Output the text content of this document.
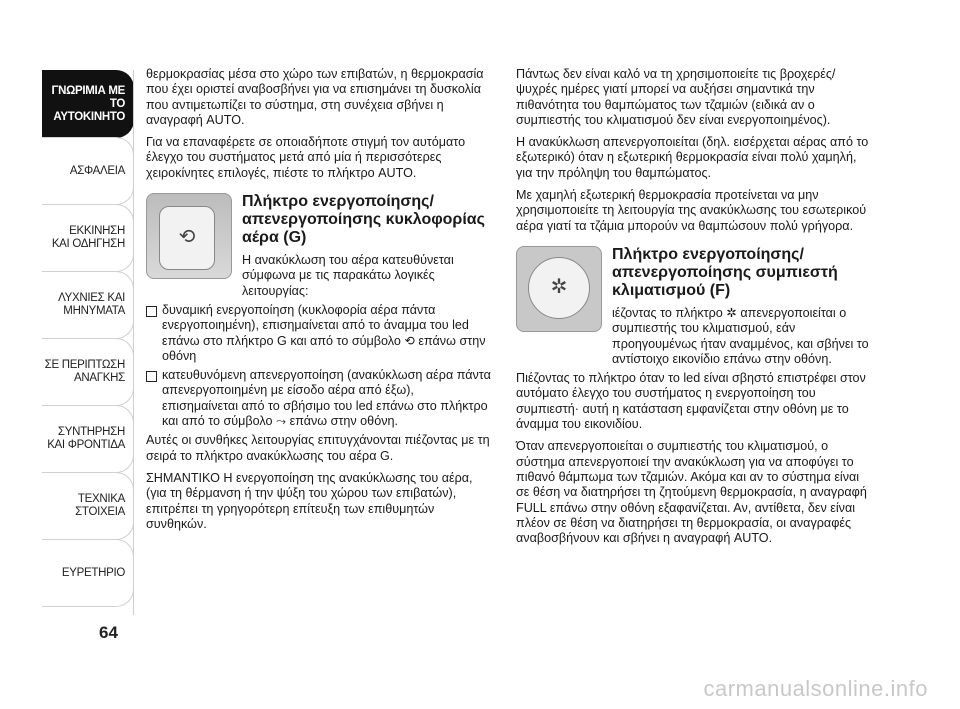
ΓΝΩΡΙΜΙΑ ΜΕ
ΤΟ ΑΥΤΟΚΙΝΗΤΟ
ΑΣΦΑΛΕΙΑ
ΕΚΚΙΝΗΣΗ
ΚΑΙ ΟΔΗΓΗΣΗ
ΛΥΧΝΙΕΣ ΚΑΙ
ΜΗΝΥΜΑΤΑ
ΣΕ ΠΕΡΙΠΤΩΣΗ
ΑΝΑΓΚΗΣ
ΣΥΝΤΗΡΗΣΗ
ΚΑΙ ΦΡΟΝΤΙΔΑ
ΤΕΧΝΙΚΑ
ΣΤΟΙΧΕΙΑ
ΕΥΡΕΤΗΡΙΟ
64

θερμοκρασίας μέσα στο χώρο των επιβατών, η θερμοκρασία που έχει οριστεί αναβοσβήνει για να επισημάνει τη δυσκολία που αντιμετωπίζει το σύστημα, στη συνέχεια σβήνει η αναγραφή AUTO.

Για να επαναφέρετε σε οποιαδήποτε στιγμή τον αυτόματο έλεγχο του συστήματος μετά από μία ή περισσότερες χειροκίνητες επιλογές, πιέστε το πλήκτρο AUTO.

⟲
Πλήκτρο ενεργοποίησης/ απενεργοποίησης κυκλοφορίας αέρα (G)

Η ανακύκλωση του αέρα κατευθύνεται σύμφωνα με τις παρακάτω λογικές λειτουργίας:

δυναμική ενεργοποίηση (κυκλοφορία αέρα πάντα ενεργοποιημένη), επισημαίνεται από το άναμμα του led επάνω στο πλήκτρο G και από το σύμβολο ⟲ επάνω στην οθόνη
κατευθυνόμενη απενεργοποίηση (ανακύκλωση αέρα πάντα απενεργοποιημένη με είσοδο αέρα από έξω), επισημαίνεται από το σβήσιμο του led επάνω στο πλήκτρο και από το σύμβολο ⤳ επάνω στην οθόνη.

Αυτές οι συνθήκες λειτουργίας επιτυγχάνονται πιέζοντας με τη σειρά το πλήκτρο ανακύκλωσης του αέρα G.

ΣΗΜΑΝΤΙΚΟ Η ενεργοποίηση της ανακύκλωσης του αέρα, (για τη θέρμανση ή την ψύξη του χώρου των επιβατών), επιτρέπει τη γρηγορότερη επίτευξη των επιθυμητών συνθηκών.

Πάντως δεν είναι καλό να τη χρησιμοποιείτε τις βροχερές/ψυχρές ημέρες γιατί μπορεί να αυξήσει σημαντικά την πιθανότητα του θαμπώματος των τζαμιών (ειδικά αν ο συμπιεστής του κλιματισμού δεν είναι ενεργοποιημένος).

Η ανακύκλωση απενεργοποιείται (δηλ. εισέρχεται αέρας από το εξωτερικό) όταν η εξωτερική θερμοκρασία είναι πολύ χαμηλή, για την πρόληψη του θαμπώματος.

Με χαμηλή εξωτερική θερμοκρασία προτείνεται να μην χρησιμοποιείτε τη λειτουργία της ανακύκλωσης του εσωτερικού αέρα γιατί τα τζάμια μπορούν να θαμπώσουν πολύ γρήγορα.

✲
Πλήκτρο ενεργοποίησης/ απενεργοποίησης συμπιεστή κλιματισμού (F)

ιέζοντας το πλήκτρο ✲ απενεργοποιείται ο συμπιεστής του κλιματισμού, εάν προηγουμένως ήταν αναμμένος, και σβήνει το αντίστοιχο εικονίδιο επάνω στην οθόνη.

Πιέζοντας το πλήκτρο όταν το led είναι σβηστό επιστρέφει στον αυτόματο έλεγχο του συστήματος η ενεργοποίηση του συμπιεστή· αυτή η κατάσταση εμφανίζεται στην οθόνη με το άναμμα του εικονιδίου.

Όταν απενεργοποιείται ο συμπιεστής του κλιματισμού, ο σύστημα απενεργοποιεί την ανακύκλωση για να αποφύγει το πιθανό θάμπωμα των τζαμιών. Ακόμα και αν το σύστημα είναι σε θέση να διατηρήσει τη ζητούμενη θερμοκρασία, η αναγραφή FULL επάνω στην οθόνη εξαφανίζεται. Αν, αντίθετα, δεν είναι πλέον σε θέση να διατηρήσει τη θερμοκρασία, οι αναγραφές αναβοσβήνουν και σβήνει η αναγραφή AUTO.

carmanualsonline.info
